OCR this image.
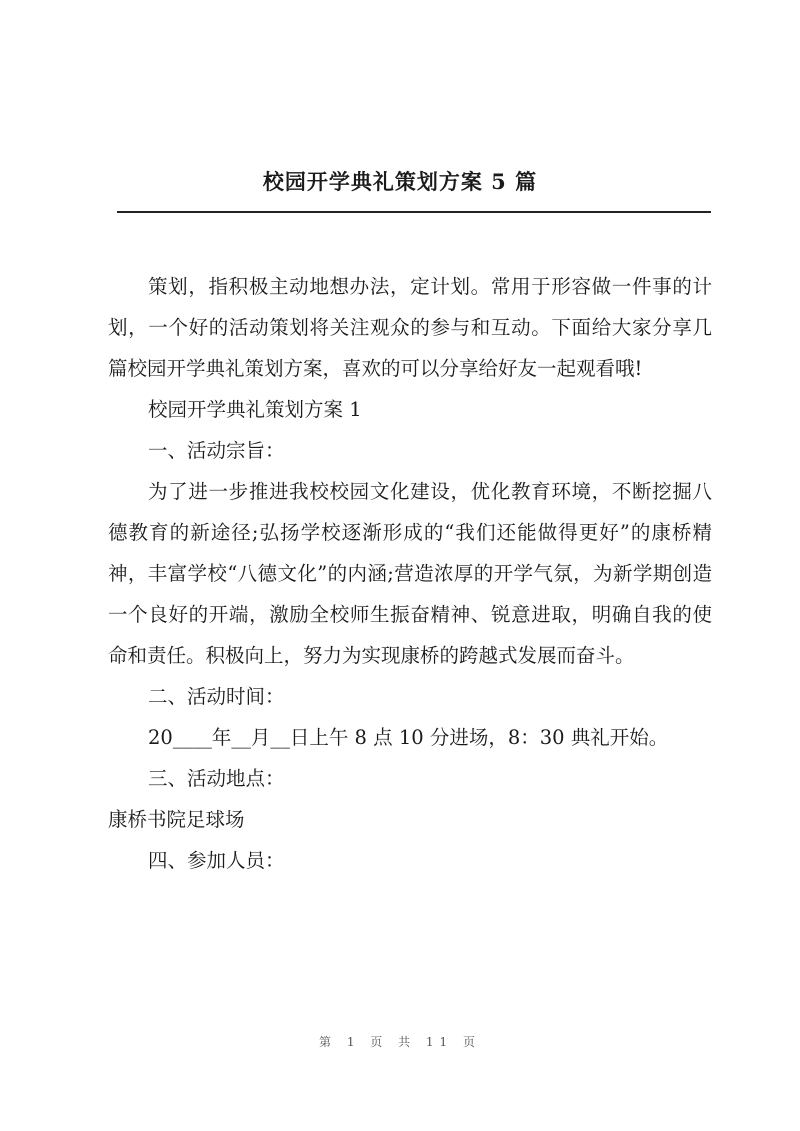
校园开学典礼策划方案 5 篇

策划，指积极主动地想办法，定计划。常用于形容做一件事的计划，一个好的活动策划将关注观众的参与和互动。下面给大家分享几篇校园开学典礼策划方案，喜欢的可以分享给好友一起观看哦!

校园开学典礼策划方案 1

一、活动宗旨：

为了进一步推进我校校园文化建设，优化教育环境，不断挖掘八德教育的新途径;弘扬学校逐渐形成的“我们还能做得更好”的康桥精神，丰富学校“八德文化”的内涵;营造浓厚的开学气氛，为新学期创造一个良好的开端，激励全校师生振奋精神、锐意进取，明确自我的使命和责任。积极向上，努力为实现康桥的跨越式发展而奋斗。

二、活动时间：

20____年__月__日上午 8 点 10 分进场，8：30 典礼开始。

三、活动地点：

康桥书院足球场

四、参加人员：

第 1 页 共 11 页
